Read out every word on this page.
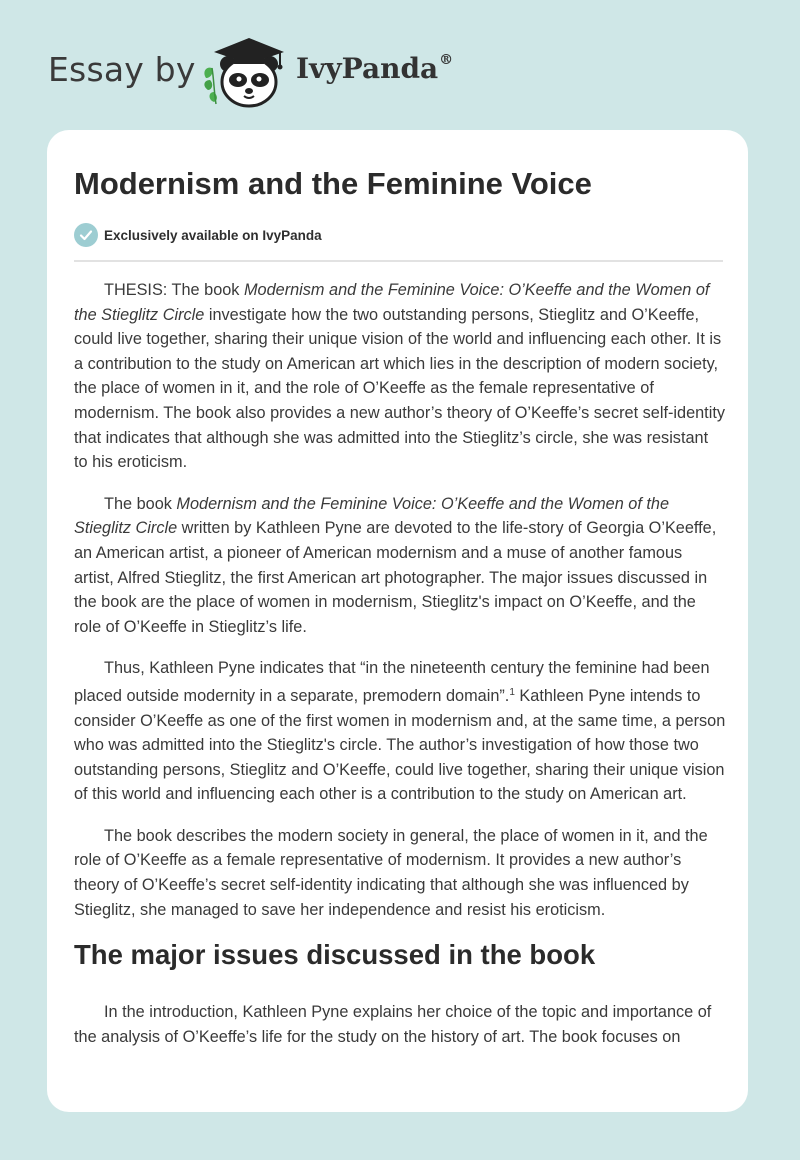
Essay by	IvyPanda®
Modernism and the Feminine Voice
Exclusively available on IvyPanda

THESIS: The book Modernism and the Feminine Voice: O’Keeffe and the Women of the Stieglitz Circle investigate how the two outstanding persons, Stieglitz and O’Keeffe, could live together, sharing their unique vision of the world and influencing each other. It is a contribution to the study on American art which lies in the description of modern society, the place of women in it, and the role of O’Keeffe as the female representative of modernism. The book also provides a new author’s theory of O’Keeffe’s secret self-identity that indicates that although she was admitted into the Stieglitz’s circle, she was resistant to his eroticism.

The book Modernism and the Feminine Voice: O’Keeffe and the Women of the Stieglitz Circle written by Kathleen Pyne are devoted to the life-story of Georgia O’Keeffe, an American artist, a pioneer of American modernism and a muse of another famous artist, Alfred Stieglitz, the first American art photographer. The major issues discussed in the book are the place of women in modernism, Stieglitz's impact on O’Keeffe, and the role of O’Keeffe in Stieglitz’s life.

Thus, Kathleen Pyne indicates that “in the nineteenth century the feminine had been placed outside modernity in a separate, premodern domain”.$^1$ Kathleen Pyne intends to consider O’Keeffe as one of the first women in modernism and, at the same time, a person who was admitted into the Stieglitz's circle. The author’s investigation of how those two outstanding persons, Stieglitz and O’Keeffe, could live together, sharing their unique vision of this world and influencing each other is a contribution to the study on American art.

The book describes the modern society in general, the place of women in it, and the role of O’Keeffe as a female representative of modernism. It provides a new author’s theory of O’Keeffe’s secret self-identity indicating that although she was influenced by Stieglitz, she managed to save her independence and resist his eroticism.

The major issues discussed in the book

In the introduction, Kathleen Pyne explains her choice of the topic and importance of the analysis of O’Keeffe’s life for the study on the history of art. The book focuses on
